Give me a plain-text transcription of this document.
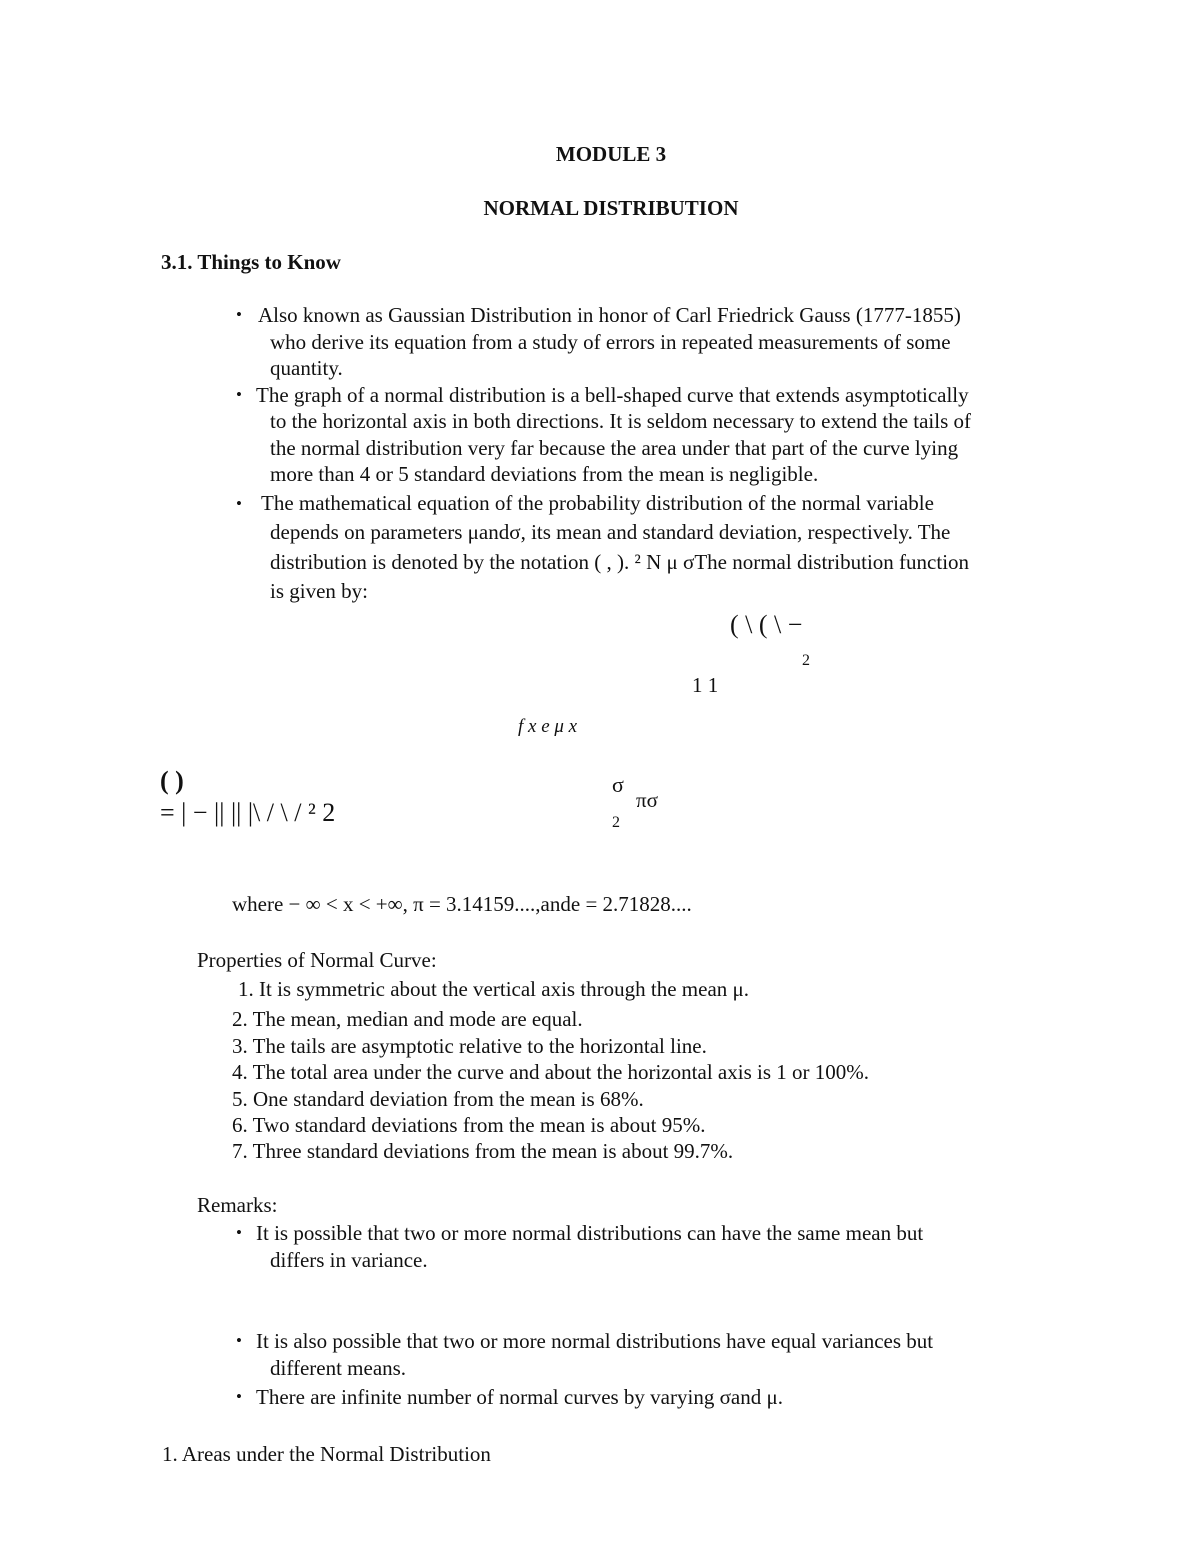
MODULE 3
NORMAL DISTRIBUTION
3.1. Things to Know
• Also known as Gaussian Distribution in honor of Carl Friedrick Gauss (1777-1855)
who derive its equation from a study of errors in repeated measurements of some
quantity.
• The graph of a normal distribution is a bell-shaped curve that extends asymptotically
to the horizontal axis in both directions. It is seldom necessary to extend the tails of
the normal distribution very far because the area under that part of the curve lying
more than 4 or 5 standard deviations from the mean is negligible.
• The mathematical equation of the probability distribution of the normal variable
depends on parameters μandσ, its mean and standard deviation, respectively. The
distribution is denoted by the notation ( , ). ² N μ σThe normal distribution function
is given by:
( \ ( \ −
2
1 1
f x e μ x
( )
= | − || || |\ / \ / ² 2
σ
πσ
2
where − ∞ < x < +∞, π = 3.14159....,ande = 2.71828....
Properties of Normal Curve:
1. It is symmetric about the vertical axis through the mean μ.
2. The mean, median and mode are equal.
3. The tails are asymptotic relative to the horizontal line.
4. The total area under the curve and about the horizontal axis is 1 or 100%.
5. One standard deviation from the mean is 68%.
6. Two standard deviations from the mean is about 95%.
7. Three standard deviations from the mean is about 99.7%.
Remarks:
• It is possible that two or more normal distributions can have the same mean but
differs in variance.
• It is also possible that two or more normal distributions have equal variances but
different means.
• There are infinite number of normal curves by varying σand μ.
1. Areas under the Normal Distribution
